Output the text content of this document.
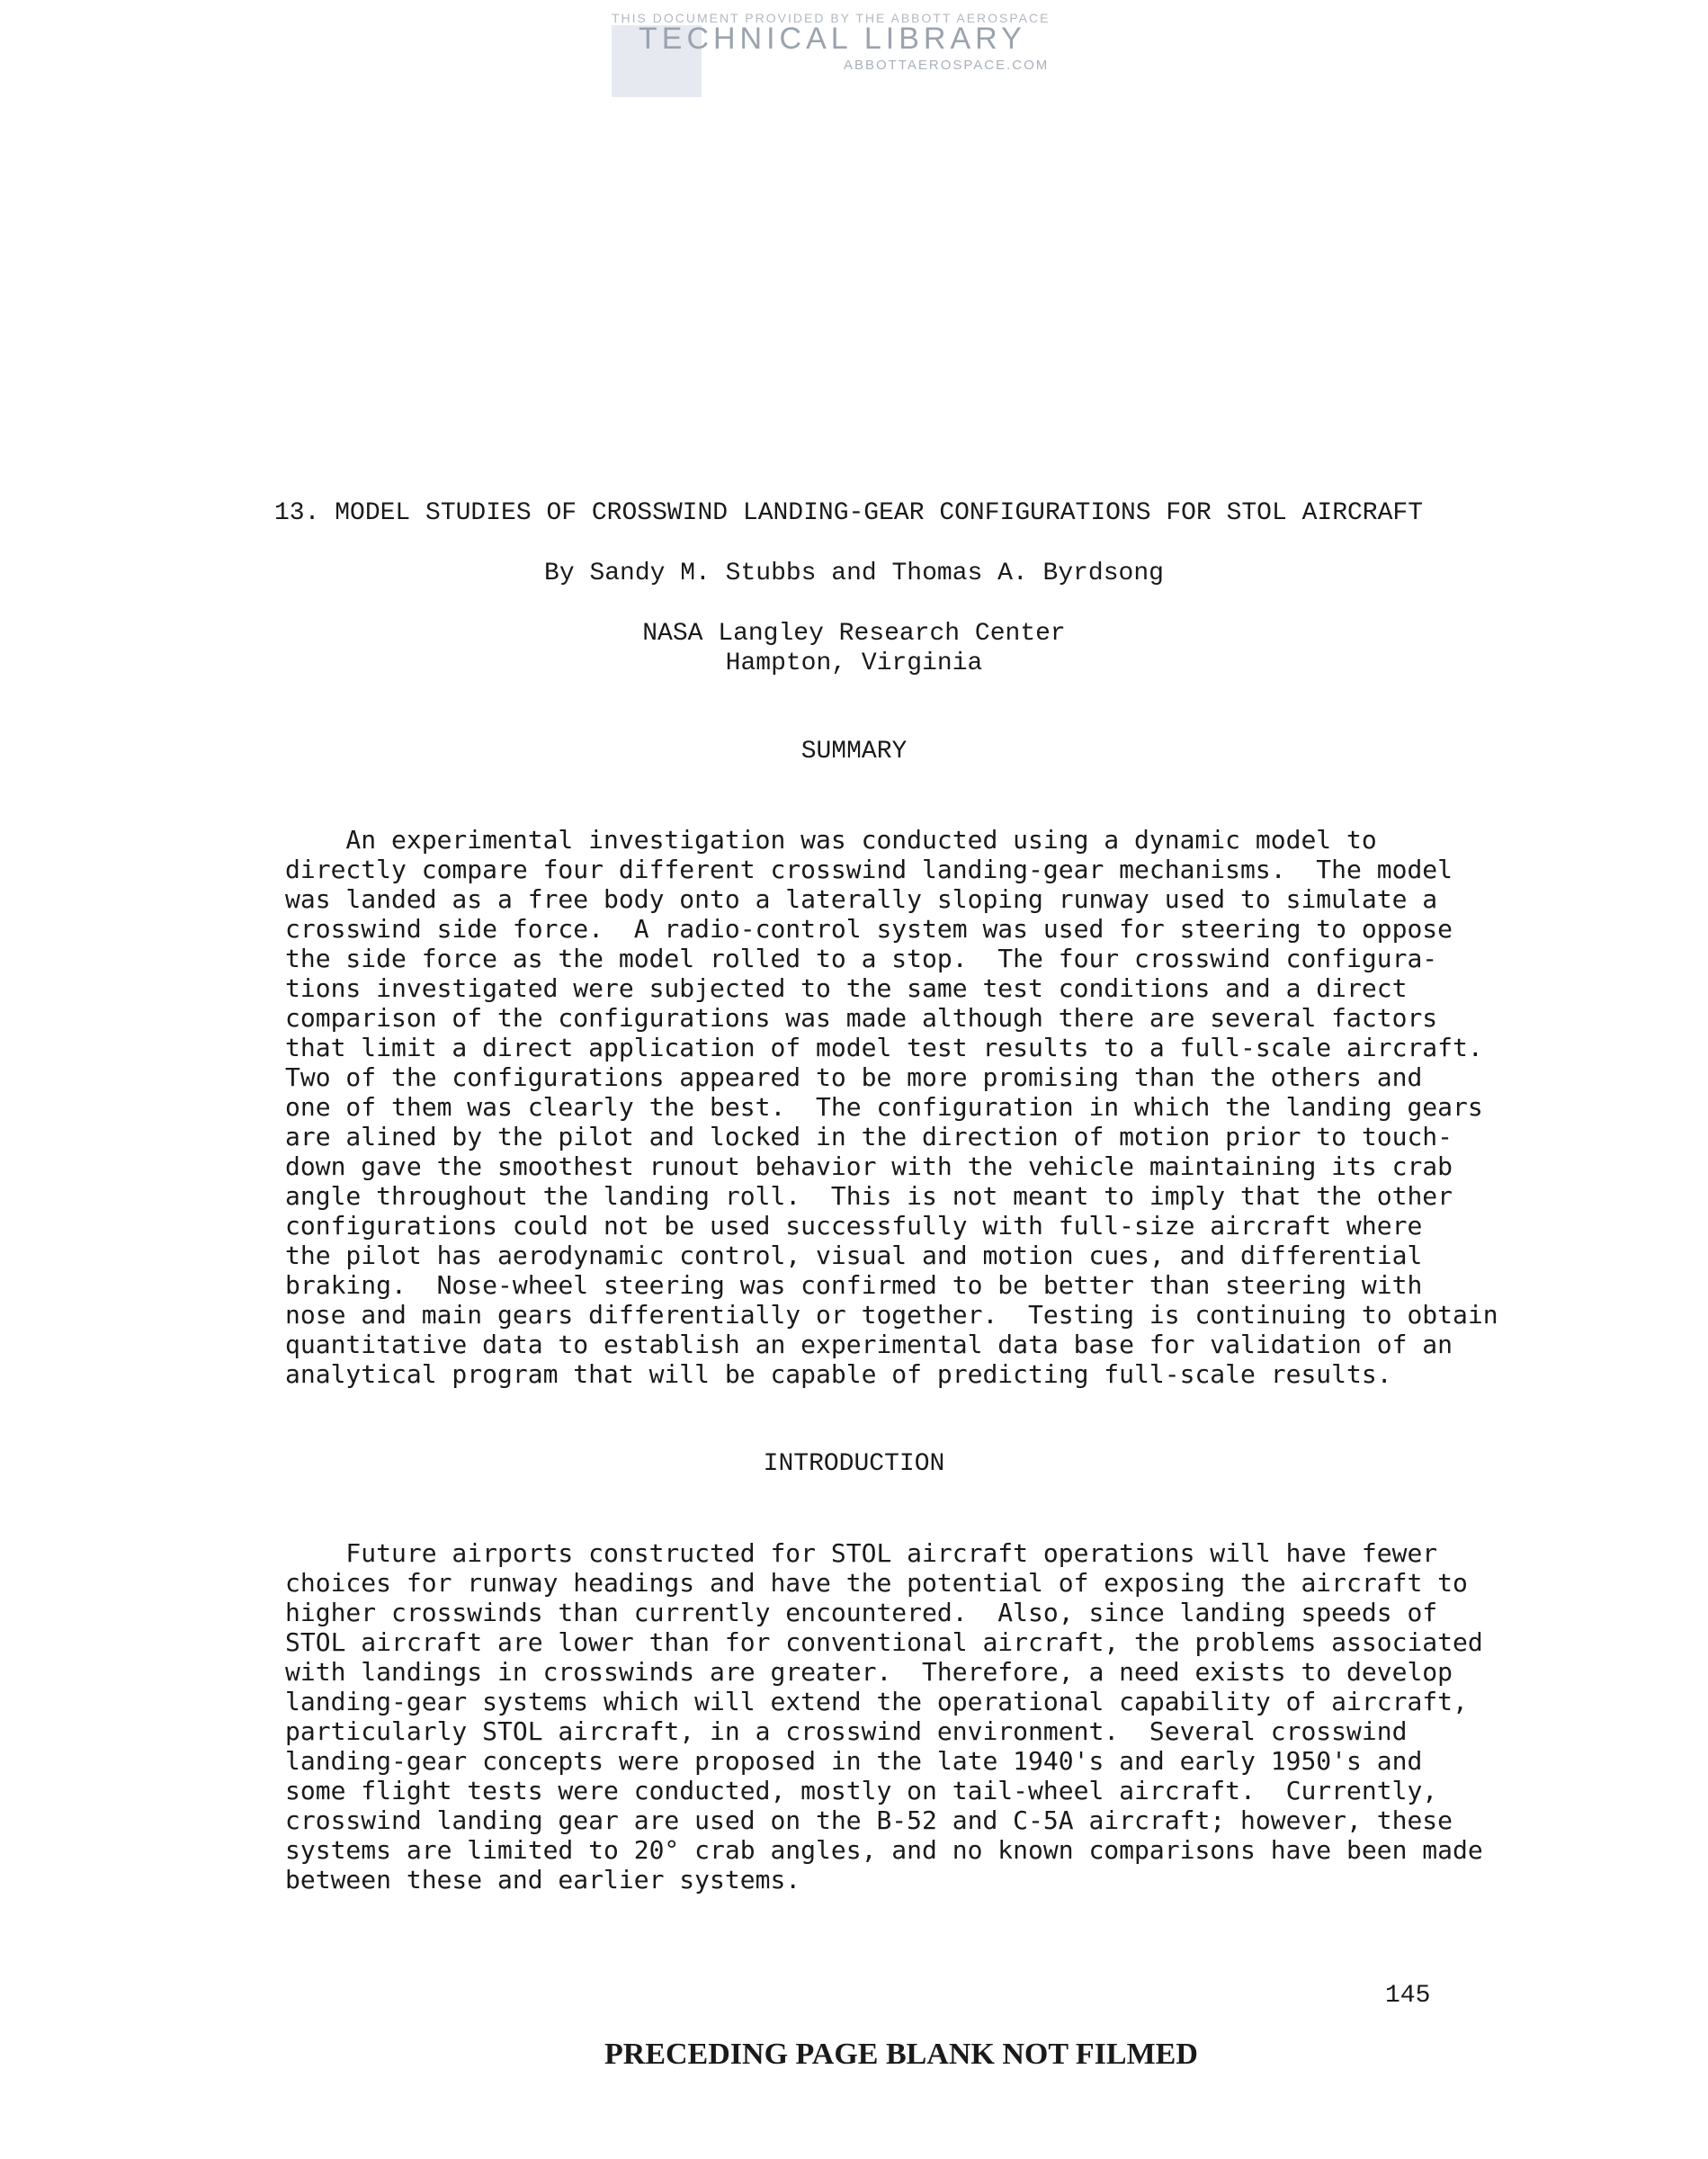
THIS DOCUMENT PROVIDED BY THE ABBOTT AEROSPACE
TECHNICAL LIBRARY
ABBOTTAEROSPACE.COM
13. MODEL STUDIES OF CROSSWIND LANDING-GEAR CONFIGURATIONS FOR STOL AIRCRAFT
By Sandy M. Stubbs and Thomas A. Byrdsong
NASA Langley Research Center
Hampton, Virginia
SUMMARY
An experimental investigation was conducted using a dynamic model to
directly compare four different crosswind landing-gear mechanisms.  The model
was landed as a free body onto a laterally sloping runway used to simulate a
crosswind side force.  A radio-control system was used for steering to oppose
the side force as the model rolled to a stop.  The four crosswind configura-
tions investigated were subjected to the same test conditions and a direct
comparison of the configurations was made although there are several factors
that limit a direct application of model test results to a full-scale aircraft.
Two of the configurations appeared to be more promising than the others and
one of them was clearly the best.  The configuration in which the landing gears
are alined by the pilot and locked in the direction of motion prior to touch-
down gave the smoothest runout behavior with the vehicle maintaining its crab
angle throughout the landing roll.  This is not meant to imply that the other
configurations could not be used successfully with full-size aircraft where
the pilot has aerodynamic control, visual and motion cues, and differential
braking.  Nose-wheel steering was confirmed to be better than steering with
nose and main gears differentially or together.  Testing is continuing to obtain
quantitative data to establish an experimental data base for validation of an
analytical program that will be capable of predicting full-scale results.
INTRODUCTION
Future airports constructed for STOL aircraft operations will have fewer
choices for runway headings and have the potential of exposing the aircraft to
higher crosswinds than currently encountered.  Also, since landing speeds of
STOL aircraft are lower than for conventional aircraft, the problems associated
with landings in crosswinds are greater.  Therefore, a need exists to develop
landing-gear systems which will extend the operational capability of aircraft,
particularly STOL aircraft, in a crosswind environment.  Several crosswind
landing-gear concepts were proposed in the late 1940's and early 1950's and
some flight tests were conducted, mostly on tail-wheel aircraft.  Currently,
crosswind landing gear are used on the B-52 and C-5A aircraft; however, these
systems are limited to 20° crab angles, and no known comparisons have been made
between these and earlier systems.
145
PRECEDING PAGE BLANK NOT FILMED
